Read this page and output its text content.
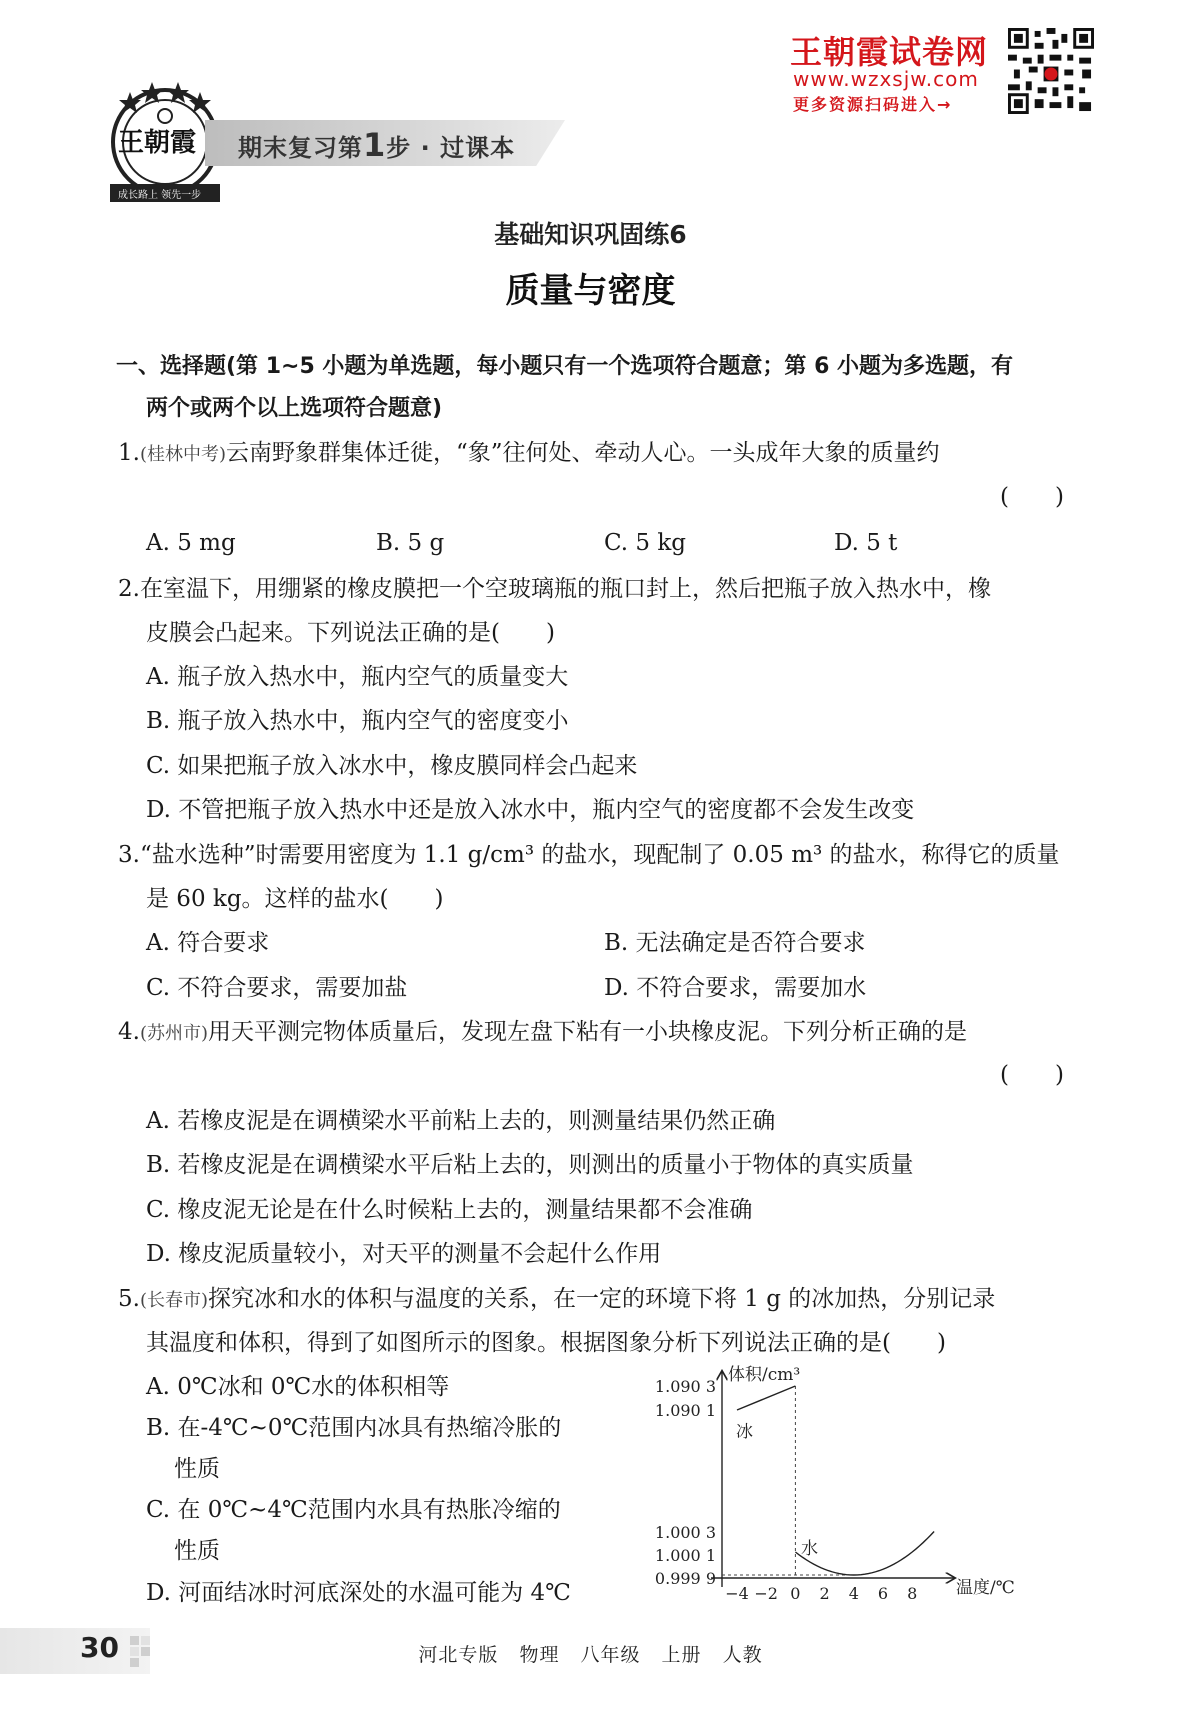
王朝霞
成长路上 领先一步
期末复习第1步 · 过课本
王朝霞试卷网
www.wzxsjw.com
更多资源扫码进入→
基础知识巩固练6
质量与密度
一、选择题(第 1~5 小题为单选题，每小题只有一个选项符合题意；第 6 小题为多选题，有
两个或两个以上选项符合题意)
1.(桂林中考)云南野象群集体迁徙，“象”往何处、牵动人心。一头成年大象的质量约
(　　)
A. 5 mg	B. 5 g	C. 5 kg	D. 5 t
2.在室温下，用绷紧的橡皮膜把一个空玻璃瓶的瓶口封上，然后把瓶子放入热水中，橡
皮膜会凸起来。下列说法正确的是(　　)
A. 瓶子放入热水中，瓶内空气的质量变大
B. 瓶子放入热水中，瓶内空气的密度变小
C. 如果把瓶子放入冰水中，橡皮膜同样会凸起来
D. 不管把瓶子放入热水中还是放入冰水中，瓶内空气的密度都不会发生改变
3.“盐水选种”时需要用密度为 1.1 g/cm³ 的盐水，现配制了 0.05 m³ 的盐水，称得它的质量
是 60 kg。这样的盐水(　　)
A. 符合要求	B. 无法确定是否符合要求
C. 不符合要求，需要加盐	D. 不符合要求，需要加水
4.(苏州市)用天平测完物体质量后，发现左盘下粘有一小块橡皮泥。下列分析正确的是
(　　)
A. 若橡皮泥是在调横梁水平前粘上去的，则测量结果仍然正确
B. 若橡皮泥是在调横梁水平后粘上去的，则测出的质量小于物体的真实质量
C. 橡皮泥无论是在什么时候粘上去的，测量结果都不会准确
D. 橡皮泥质量较小，对天平的测量不会起什么作用
5.(长春市)探究冰和水的体积与温度的关系，在一定的环境下将 1 g 的冰加热，分别记录
其温度和体积，得到了如图所示的图象。根据图象分析下列说法正确的是(　　)
A. 0℃冰和 0℃水的体积相等
B. 在-4℃~0℃范围内冰具有热缩冷胀的
性质
C. 在 0℃~4℃范围内水具有热胀冷缩的
性质
D. 河面结冰时河底深处的水温可能为 4℃
体积/cm³
温度/℃
1.090 3
1.090 1
1.000 3
1.000 1
0.999 9
−4 −2 0 2 4 6 8
冰
水
30	河北专版 物理 八年级 上册 人教
